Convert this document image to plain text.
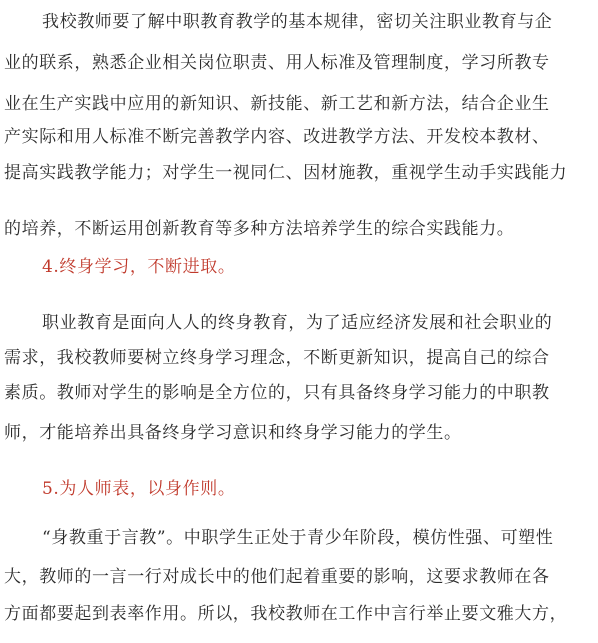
我校教师要了解中职教育教学的基本规律，密切关注职业教育与企
业的联系，熟悉企业相关岗位职责、用人标准及管理制度，学习所教专
业在生产实践中应用的新知识、新技能、新工艺和新方法，结合企业生
产实际和用人标准不断完善教学内容、改进教学方法、开发校本教材、
提高实践教学能力；对学生一视同仁、因材施教，重视学生动手实践能力
的培养，不断运用创新教育等多种方法培养学生的综合实践能力。
4.终身学习，不断进取。
职业教育是面向人人的终身教育，为了适应经济发展和社会职业的
需求，我校教师要树立终身学习理念，不断更新知识，提高自己的综合
素质。教师对学生的影响是全方位的，只有具备终身学习能力的中职教
师，才能培养出具备终身学习意识和终身学习能力的学生。
5.为人师表，以身作则。
“身教重于言教”。中职学生正处于青少年阶段，模仿性强、可塑性
大，教师的一言一行对成长中的他们起着重要的影响，这要求教师在各
方面都要起到表率作用。所以，我校教师在工作中言行举止要文雅大方，
